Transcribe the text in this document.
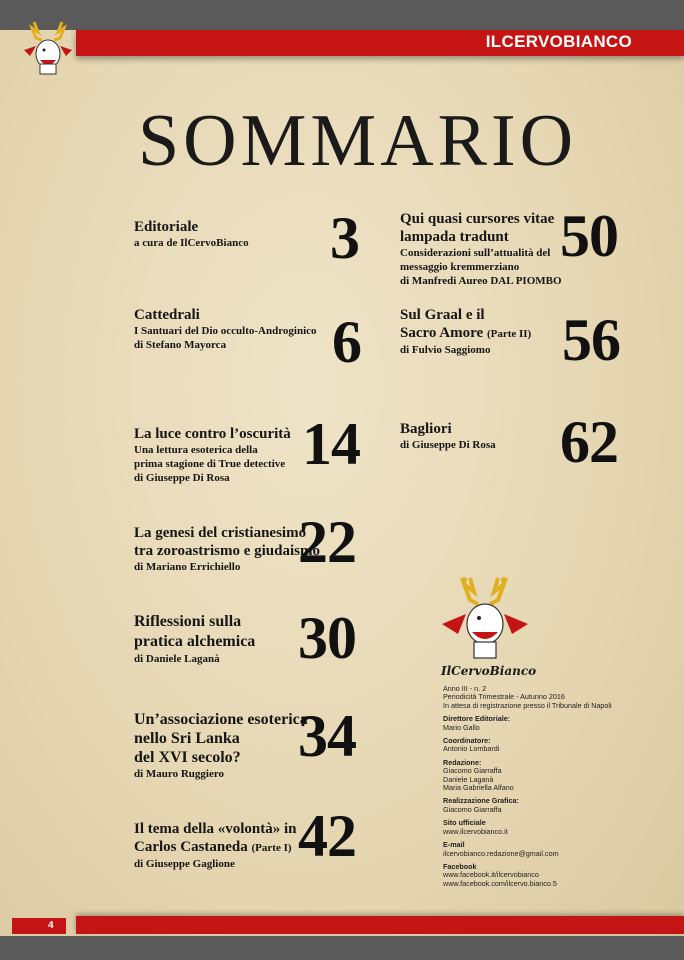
ILCERVOBIANCO
SOMMARIO
Editoriale
a cura de IlCervoBianco 3
Cattedrali
I Santuari del Dio occulto-Androginico
di Stefano Mayorca	6
La luce contro l’oscurità
Una lettura esoterica della
prima stagione di True detective
di Giuseppe Di Rosa
14
La genesi del cristianesimo
tra zoroastrismo e giudaismo
di Mariano Errichiello 22
Riflessioni sulla
pratica alchemica
di Daniele Laganà	30
Un’associazione esoterica
nello Sri Lanka
del XVI secolo?
di Mauro Ruggiero
34
Il tema della «volontà» in
Carlos Castaneda (Parte I)
di Giuseppe Gaglione	42
Qui quasi cursores vitae
lampada tradunt
Considerazioni sull’attualità del
messaggio kremmerziano
di Manfredi Aureo DAL PIOMBO
50
Sul Graal e il
Sacro Amore (Parte II)
di Fulvio Saggiomo	56
Bagliori
di Giuseppe Di Rosa 62
IlCervoBianco
Anno III - n. 2
Periodicità Trimestrale - Autunno 2016
In attesa di registrazione presso il Tribunale di Napoli
Direttore Editoriale:
Mario Gallo
Coordinatore:
Antonio Lombardi
Redazione:
Giacomo Giarraffa
Daniele Laganà
Maria Gabriella Alfano
Realizzazione Grafica:
Giacomo Giarraffa
Sito ufficiale
www.ilcervobianco.it
E-mail
ilcervobianco.redazione@gmail.com
Facebook
www.facebook.it/ilcervobianco
www.facebook.com/ilcervo.bianco.5
4
